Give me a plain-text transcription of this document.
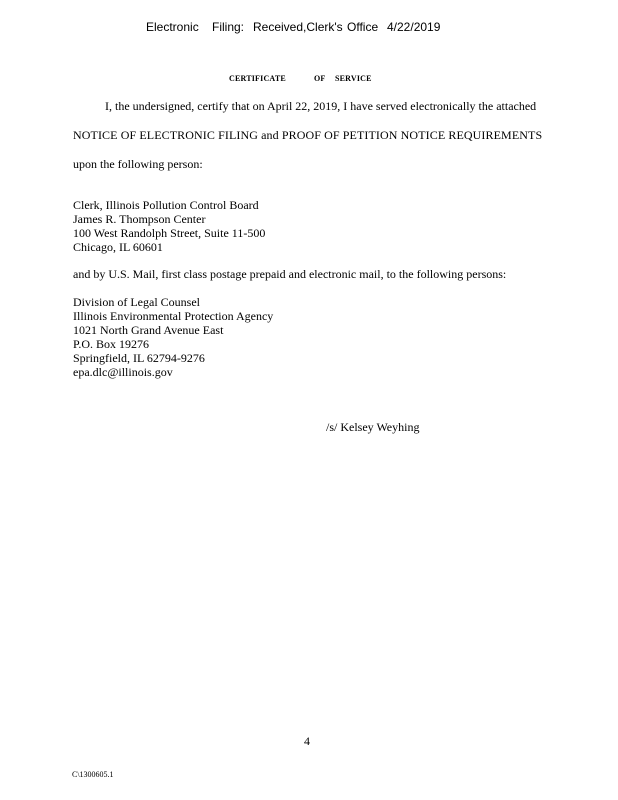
Electronic Filing: Received,Clerk's Office 4/22/2019
CERTIFICATE	OF SERVICE
I, the undersigned, certify that on April 22, 2019, I have served electronically the attached
NOTICE OF ELECTRONIC FILING and PROOF OF PETITION NOTICE REQUIREMENTS
upon the following person:
Clerk, Illinois Pollution Control Board
James R. Thompson Center
100 West Randolph Street, Suite 11-500
Chicago, IL 60601
and by U.S. Mail, first class postage prepaid and electronic mail, to the following persons:
Division of Legal Counsel
Illinois Environmental Protection Agency
1021 North Grand Avenue East
P.O. Box 19276
Springfield, IL 62794-9276
epa.dlc@illinois.gov
/s/ Kelsey Weyhing
4
C\1300605.1
